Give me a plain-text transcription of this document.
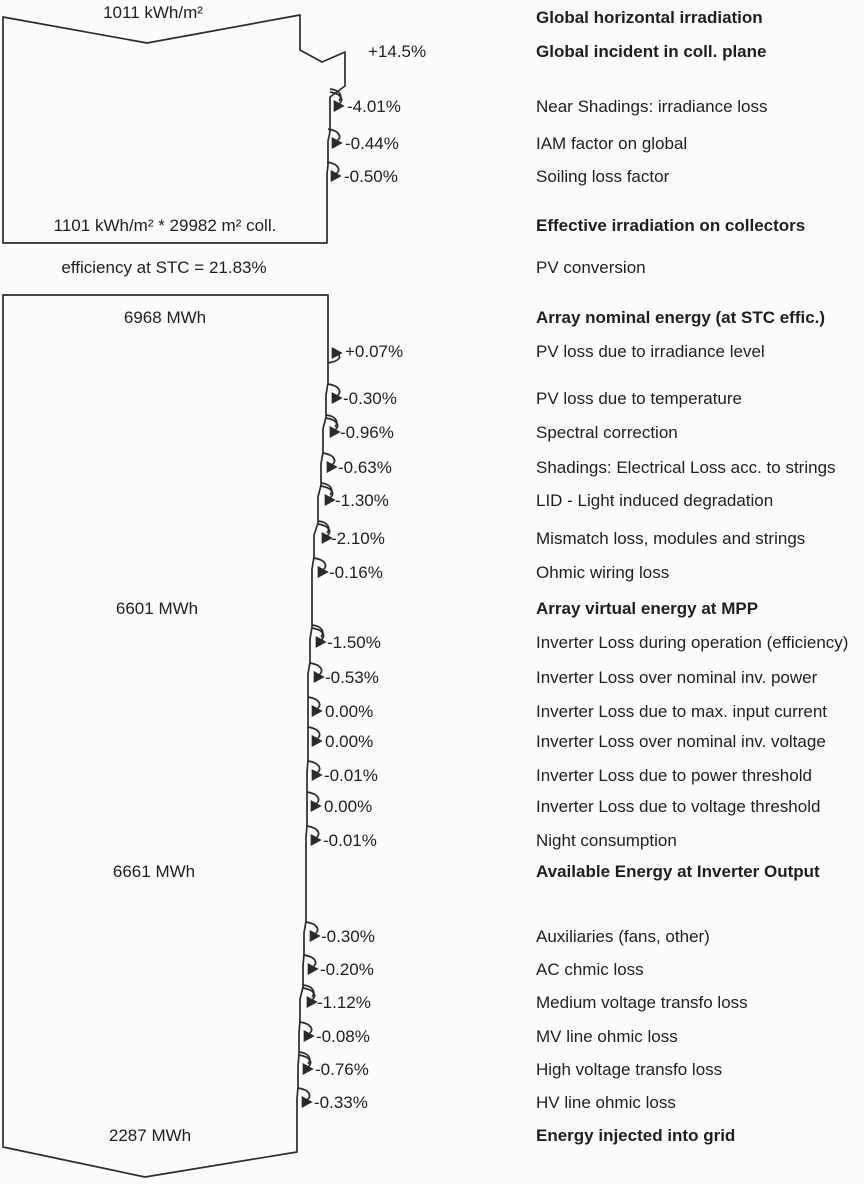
1011 kWh/m²
+14.5%
-4.01%
-0.44%
-0.50%
1101 kWh/m² * 29982 m² coll.
efficiency at STC = 21.83%
6968 MWh
+0.07%
-0.30%
-0.96%
-0.63%
-1.30%
-2.10%
-0.16%
6601 MWh
-1.50%
-0.53%
0.00%
0.00%
-0.01%
0.00%
-0.01%
6661 MWh
-0.30%
-0.20%
-1.12%
-0.08%
-0.76%
-0.33%
2287 MWh
Global horizontal irradiation
Global incident in coll. plane
Near Shadings: irradiance loss
IAM factor on global
Soiling loss factor
Effective irradiation on collectors
PV conversion
Array nominal energy (at STC effic.)
PV loss due to irradiance level
PV loss due to temperature
Spectral correction
Shadings: Electrical Loss acc. to strings
LID - Light induced degradation
Mismatch loss, modules and strings
Ohmic wiring loss
Array virtual energy at MPP
Inverter Loss during operation (efficiency)
Inverter Loss over nominal inv. power
Inverter Loss due to max. input current
Inverter Loss over nominal inv. voltage
Inverter Loss due to power threshold
Inverter Loss due to voltage threshold
Night consumption
Available Energy at Inverter Output
Auxiliaries (fans, other)
AC chmic loss
Medium voltage transfo loss
MV line ohmic loss
High voltage transfo loss
HV line ohmic loss
Energy injected into grid
